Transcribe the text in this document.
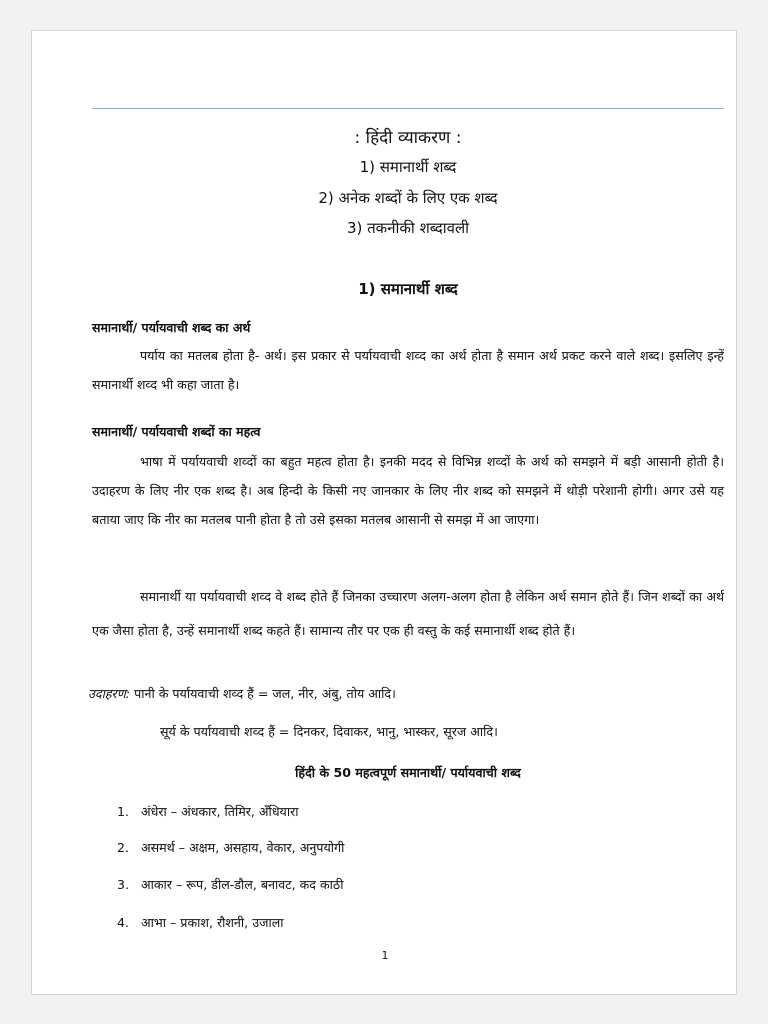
: हिंदी व्याकरण :
1) समानार्थी शब्द
2) अनेक शब्दों के लिए एक शब्द
3) तकनीकी शब्दावली
1) समानार्थी शब्द
समानार्थी/ पर्यायवाची शब्द का अर्थ
पर्याय का मतलब होता है- अर्थ। इस प्रकार से पर्यायवाची शव्द का अर्थ होता है समान अर्थ प्रकट करने वाले शब्द। इसलिए इन्हें समानार्थी शव्द भी कहा जाता है।
समानार्थी/ पर्यायवाची शब्दों का महत्व
भाषा में पर्यायवाची शव्दों का बहुत महत्व होता है। इनकी मदद से विभिन्न शव्दों के अर्थ को समझने में बड़ी आसानी होती है। उदाहरण के लिए नीर एक शब्द है। अब हिन्दी के किसी नए जानकार के लिए नीर शब्द को समझने में थोड़ी परेशानी होगी। अगर उसे यह बताया जाए कि नीर का मतलब पानी होता है तो उसे इसका मतलब आसानी से समझ में आ जाएगा।
समानार्थी या पर्यायवाची शव्द वे शब्द होते हैं जिनका उच्चारण अलग-अलग होता है लेकिन अर्थ समान होते हैं। जिन शब्दों का अर्थ एक जैसा होता है, उन्हें समानार्थी शब्द कहते हैं। सामान्य तौर पर एक ही वस्तु के कई समानार्थी शब्द होते हैं।
उदाहरण: पानी के पर्यायवाची शव्द हैं = जल, नीर, अंबु, तोय आदि।
सूर्य के पर्यायवाची शव्द हैं = दिनकर, दिवाकर, भानु, भास्कर, सूरज आदि।
हिंदी के 50 महत्वपूर्ण समानार्थी/ पर्यायवाची शब्द
1. अंधेरा – अंधकार, तिमिर, अँधियारा
2. असमर्थ – अक्षम, असहाय, वेकार, अनुपयोगी
3. आकार – रूप, डील-डौल, बनावट, कद काठी
4. आभा – प्रकाश, रौशनी, उजाला
1
